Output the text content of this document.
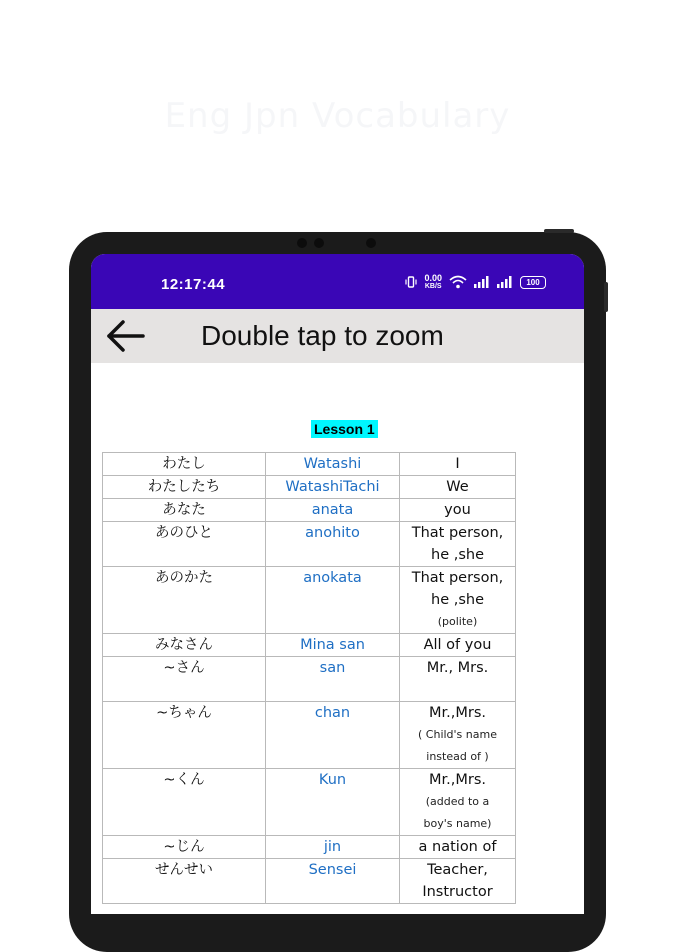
Eng Jpn Vocabulary
12:17:44	0.00
KB/S	100
Double tap to zoom
Lesson 1
わたし	Watashi	I

わたしたち	WatashiTachi	We

あなた	anata	you

あのひと	anohito	That person,
he ,she

あのかた	anokata	That person,
he ,she
(polite)

みなさん	Mina san	All of you

~さん	san	Mr., Mrs.

~ちゃん	chan	Mr.,Mrs.
( Child's name
instead of )

~くん	Kun	Mr.,Mrs.
(added to a
boy's name)

~じん	jin	a nation of

せんせい	Sensei	Teacher,
Instructor
